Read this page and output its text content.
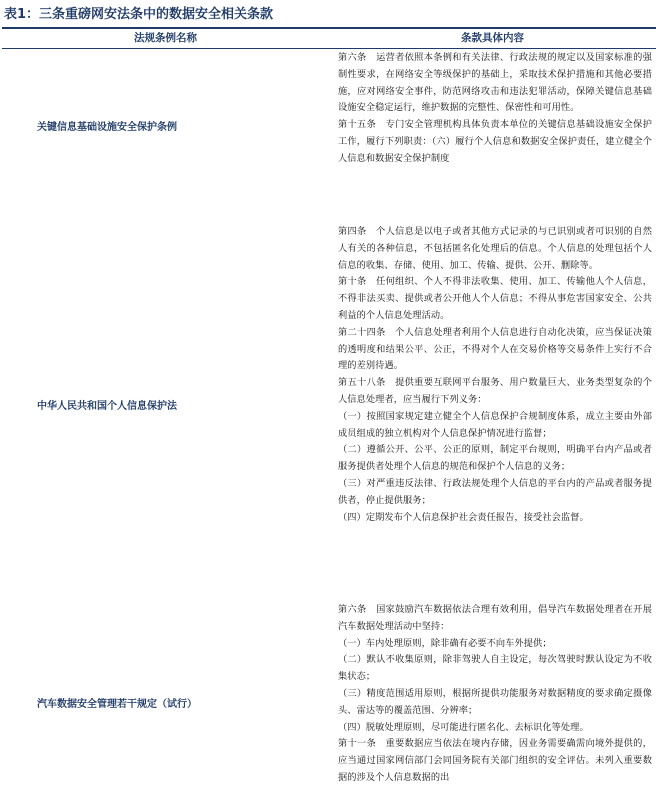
表1：三条重磅网安法条中的数据安全相关条款
法规条例名称	条款具体内容
关键信息基础设施安全保护条例

第六条　运营者依照本条例和有关法律、行政法规的规定以及国家标准的强制性要求，在网络安全等级保护的基础上，采取技术保护措施和其他必要措施，应对网络安全事件，防范网络攻击和违法犯罪活动，保障关键信息基础设施安全稳定运行，维护数据的完整性、保密性和可用性。

第十五条　专门安全管理机构具体负责本单位的关键信息基础设施安全保护工作，履行下列职责：（六）履行个人信息和数据安全保护责任，建立健全个人信息和数据安全保护制度

中华人民共和国个人信息保护法

第四条　个人信息是以电子或者其他方式记录的与已识别或者可识别的自然人有关的各种信息，不包括匿名化处理后的信息。个人信息的处理包括个人信息的收集、存储、使用、加工、传输、提供、公开、删除等。

第十条　任何组织、个人不得非法收集、使用、加工、传输他人个人信息，不得非法买卖、提供或者公开他人个人信息；不得从事危害国家安全、公共利益的个人信息处理活动。

第二十四条　个人信息处理者利用个人信息进行自动化决策，应当保证决策的透明度和结果公平、公正，不得对个人在交易价格等交易条件上实行不合理的差别待遇。

第五十八条　提供重要互联网平台服务、用户数量巨大、业务类型复杂的个人信息处理者，应当履行下列义务：

（一）按照国家规定建立健全个人信息保护合规制度体系，成立主要由外部成员组成的独立机构对个人信息保护情况进行监督；

（二）遵循公开、公平、公正的原则，制定平台规则，明确平台内产品或者服务提供者处理个人信息的规范和保护个人信息的义务；

（三）对严重违反法律、行政法规处理个人信息的平台内的产品或者服务提供者，停止提供服务；

（四）定期发布个人信息保护社会责任报告，接受社会监督。

汽车数据安全管理若干规定（试行）

第六条　国家鼓励汽车数据依法合理有效利用，倡导汽车数据处理者在开展汽车数据处理活动中坚持：

（一）车内处理原则，除非确有必要不向车外提供；

（二）默认不收集原则，除非驾驶人自主设定，每次驾驶时默认设定为不收集状态；

（三）精度范围适用原则，根据所提供功能服务对数据精度的要求确定摄像头、雷达等的覆盖范围、分辨率；

（四）脱敏处理原则，尽可能进行匿名化、去标识化等处理。

第十一条　重要数据应当依法在境内存储，因业务需要确需向境外提供的，应当通过国家网信部门会同国务院有关部门组织的安全评估。未列入重要数据的涉及个人信息数据的出
